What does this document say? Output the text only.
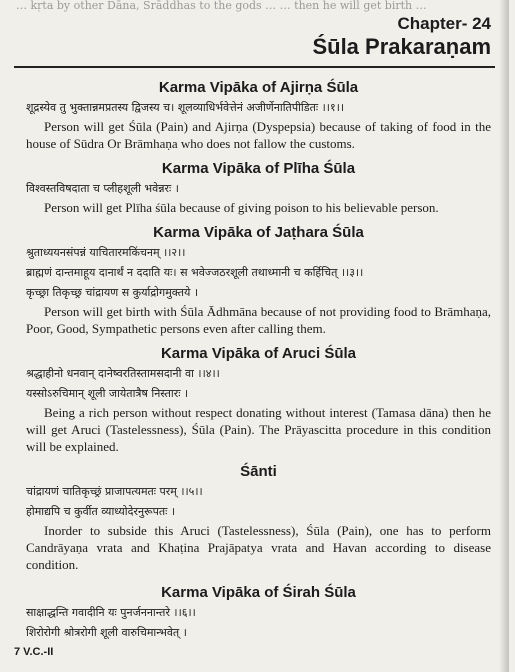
… kṛta by other Dāna, Śrāddhas to the gods … … then he will get birth …
Chapter- 24
Śūla Prakaraṇam
Karma Vipāka of Ajirṇa Śūla
शूद्रस्येव तु भुक्तान्नमप्रतस्य द्विजस्य च। शूलव्याधिर्भवेत्तेनं अजीर्णेनातिपीडितः ।।१।।

Person will get Śūla (Pain) and Ajirṇa (Dyspepsia) because of taking of food in the house of Sūdra Or Brāmhaṇa who does not fallow the customs.

Karma Vipāka of Plīha Śūla
विश्वस्तविषदाता च प्लीहशूली भवेन्नरः ।

Person will get Plīha śūla because of giving poison to his believable person.

Karma Vipāka of Jaṭhara Śūla
श्रुताध्ययनसंपन्नं याचितारमकिंचनम् ।।२।।
ब्राह्मणं दान्तमाहूय दानार्थं न ददाति यः। स भवेज्जठरशूली तथाध्मानी च कर्हिचित् ।।३।।
कृच्छ्रा तिकृच्छ्र चांद्रायण स कुर्याद्रोगमुक्तये ।

Person will get birth with Śūla Ādhmāna because of not providing food to Brāmhaṇa, Poor, Good, Sympathetic persons even after calling them.

Karma Vipāka of Aruci Śūla
श्रद्धाहीनो धनवान् दानेष्वरतिस्तामसदानी वा ।।४।।
यस्सोऽरुचिमान् शूली जायेतात्रैष निस्तारः ।

Being a rich person without respect donating without interest (Tamasa dāna) then he will get Aruci (Tastelessness), Śūla (Pain). The Prāyascitta procedure in this condition will be explained.

Śānti
चांद्रायणं चातिकृच्छ्रं प्राजापत्यमतः परम् ।।५।।
होमाद्यपि च कुर्वीत व्याध्योदेरनुरूपतः ।

Inorder to subside this Aruci (Tastelessness), Śūla (Pain), one has to perform Candrāyaṇa vrata and Khaṭina Prajāpatya vrata and Havan according to disease condition.

Karma Vipāka of Śirah Śūla
साक्षाद्धन्ति गवादीनि यः पुनर्जननान्तरे ।।६।।
शिरोरोगी श्रोत्ररोगी शूली वारुचिमान्भवेत् ।
7 V.C.-II
